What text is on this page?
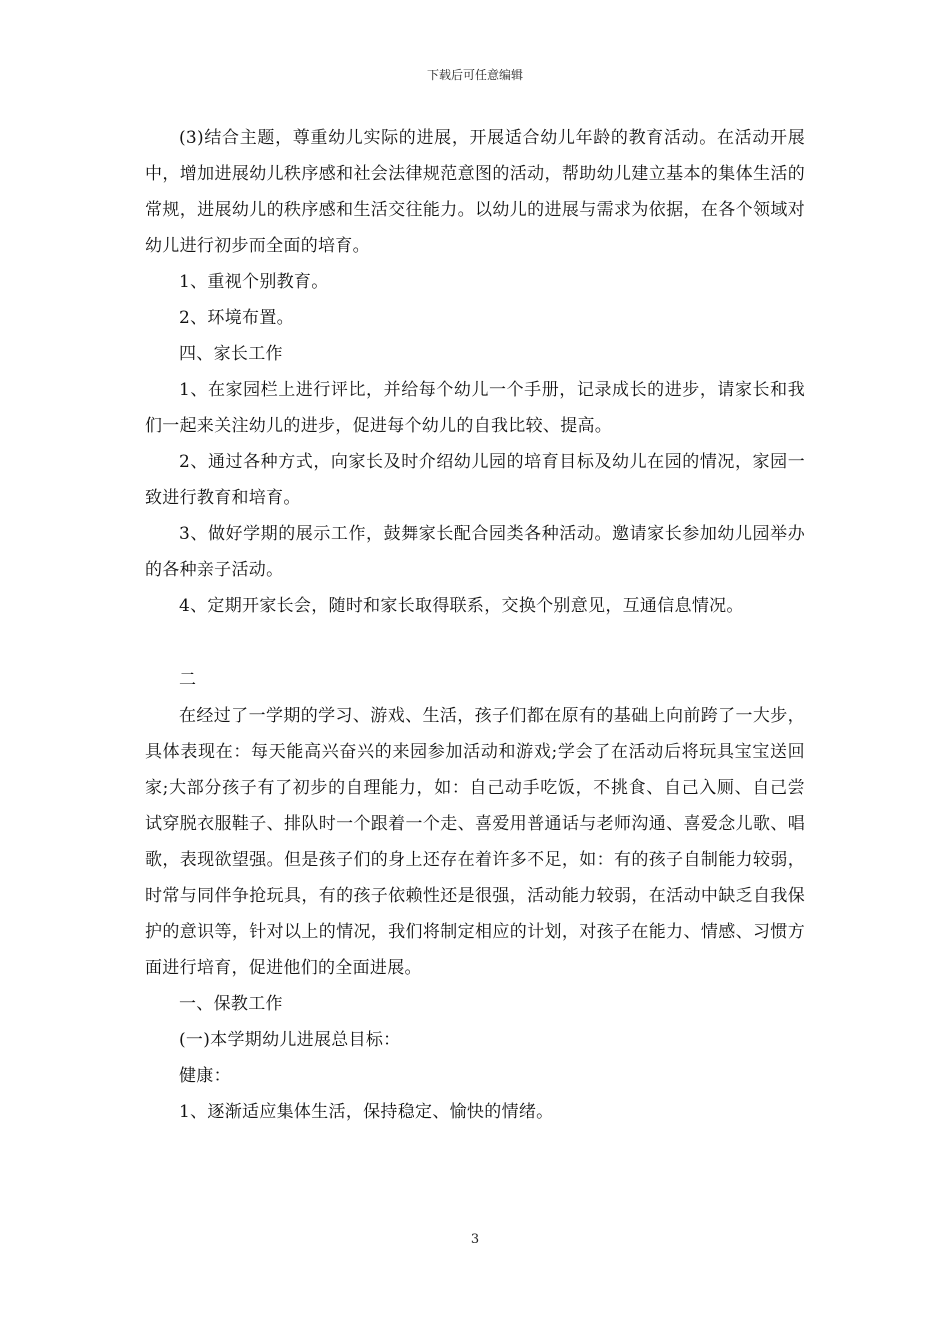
下载后可任意编辑

(3)结合主题，尊重幼儿实际的进展，开展适合幼儿年龄的教育活动。在活动开展中，增加进展幼儿秩序感和社会法律规范意图的活动，帮助幼儿建立基本的集体生活的常规，进展幼儿的秩序感和生活交往能力。以幼儿的进展与需求为依据，在各个领域对幼儿进行初步而全面的培育。

1、重视个别教育。

2、环境布置。

四、家长工作

1、在家园栏上进行评比，并给每个幼儿一个手册，记录成长的进步，请家长和我们一起来关注幼儿的进步，促进每个幼儿的自我比较、提高。

2、通过各种方式，向家长及时介绍幼儿园的培育目标及幼儿在园的情况，家园一致进行教育和培育。

3、做好学期的展示工作，鼓舞家长配合园类各种活动。邀请家长参加幼儿园举办的各种亲子活动。

4、定期开家长会，随时和家长取得联系，交换个别意见，互通信息情况。

二

在经过了一学期的学习、游戏、生活，孩子们都在原有的基础上向前跨了一大步，具体表现在：每天能高兴奋兴的来园参加活动和游戏;学会了在活动后将玩具宝宝送回家;大部分孩子有了初步的自理能力，如：自己动手吃饭，不挑食、自己入厕、自己尝试穿脱衣服鞋子、排队时一个跟着一个走、喜爱用普通话与老师沟通、喜爱念儿歌、唱歌，表现欲望强。但是孩子们的身上还存在着许多不足，如：有的孩子自制能力较弱，时常与同伴争抢玩具，有的孩子依赖性还是很强，活动能力较弱，在活动中缺乏自我保护的意识等，针对以上的情况，我们将制定相应的计划，对孩子在能力、情感、习惯方面进行培育，促进他们的全面进展。

一、保教工作

(一)本学期幼儿进展总目标：

健康：

1、逐渐适应集体生活，保持稳定、愉快的情绪。

3
